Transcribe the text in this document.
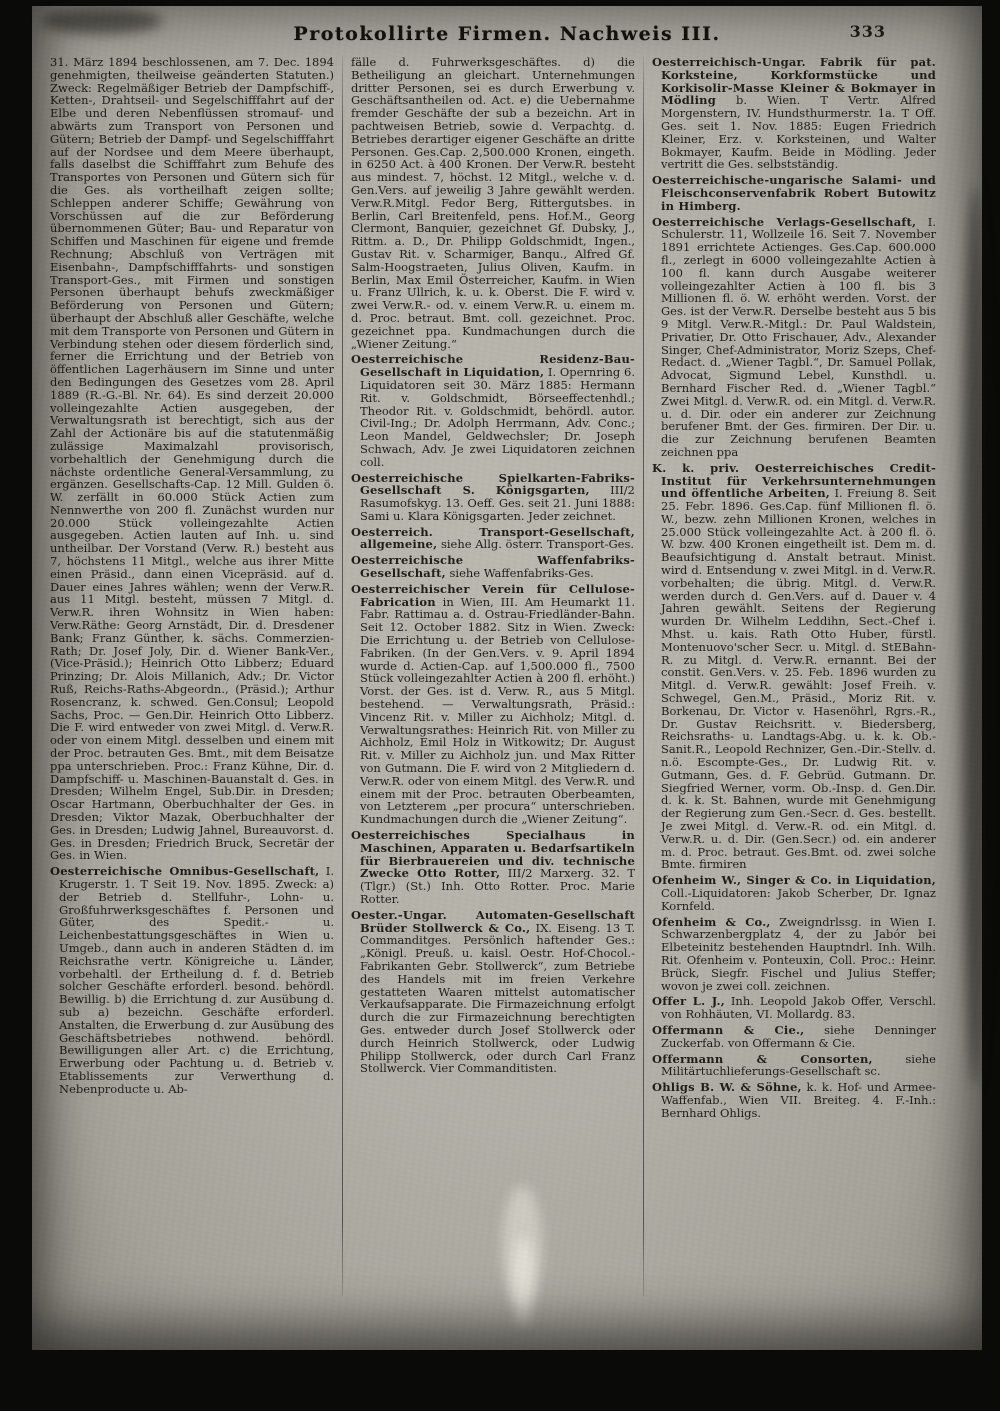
Protokollirte Firmen. Nachweis III.	333

31. März 1894 beschlossenen, am 7. Dec. 1894 genehmigten, theilweise geänderten Statuten.) Zweck: Regelmäßiger Betrieb der Dampfschiff-, Ketten-, Drahtseil- und Segelschifffahrt auf der Elbe und deren Nebenflüssen stromauf- und abwärts zum Transport von Personen und Gütern; Betrieb der Dampf- und Segelschifffahrt auf der Nordsee und dem Meere überhaupt, falls daselbst die Schifffahrt zum Behufe des Transportes von Personen und Gütern sich für die Ges. als vortheilhaft zeigen sollte; Schleppen anderer Schiffe; Gewährung von Vorschüssen auf die zur Beförderung übernommenen Güter; Bau- und Reparatur von Schiffen und Maschinen für eigene und fremde Rechnung; Abschluß von Verträgen mit Eisenbahn-, Dampfschifffahrts- und sonstigen Transport-Ges., mit Firmen und sonstigen Personen überhaupt behufs zweckmäßiger Beförderung von Personen und Gütern; überhaupt der Abschluß aller Geschäfte, welche mit dem Transporte von Personen und Gütern in Verbindung stehen oder diesem förderlich sind, ferner die Errichtung und der Betrieb von öffentlichen Lagerhäusern im Sinne und unter den Bedingungen des Gesetzes vom 28. April 1889 (R.-G.-Bl. Nr. 64). Es sind derzeit 20.000 volleingezahlte Actien ausgegeben, der Verwaltungsrath ist berechtigt, sich aus der Zahl der Actionäre bis auf die statutenmäßig zulässige Maximalzahl provisorisch, vorbehaltlich der Genehmigung durch die nächste ordentliche General-Versammlung, zu ergänzen. Gesellschafts-Cap. 12 Mill. Gulden ö. W. zerfällt in 60.000 Stück Actien zum Nennwerthe von 200 fl. Zunächst wurden nur 20.000 Stück volleingezahlte Actien ausgegeben. Actien lauten auf Inh. u. sind untheilbar. Der Vorstand (Verw. R.) besteht aus 7, höchstens 11 Mitgl., welche aus ihrer Mitte einen Präsid., dann einen Vicepräsid. auf d. Dauer eines Jahres wählen; wenn der Verw.R. aus 11 Mitgl. besteht, müssen 7 Mitgl. d. Verw.R. ihren Wohnsitz in Wien haben: Verw.Räthe: Georg Arnstädt, Dir. d. Dresdener Bank; Franz Günther, k. sächs. Commerzien-Rath; Dr. Josef Joly, Dir. d. Wiener Bank-Ver., (Vice-Präsid.); Heinrich Otto Libberz; Eduard Prinzing; Dr. Alois Millanich, Adv.; Dr. Victor Ruß, Reichs-Raths-Abgeordn., (Präsid.); Arthur Rosencranz, k. schwed. Gen.Consul; Leopold Sachs, Proc. — Gen.Dir. Heinrich Otto Libberz. Die F. wird entweder von zwei Mitgl. d. Verw.R. oder von einem Mitgl. desselben und einem mit der Proc. betrauten Ges. Bmt., mit dem Beisatze ppa unterschrieben. Proc.: Franz Kühne, Dir. d. Dampfschiff- u. Maschinen-Bauanstalt d. Ges. in Dresden; Wilhelm Engel, Sub.Dir. in Dresden; Oscar Hartmann, Oberbuchhalter der Ges. in Dresden; Viktor Mazak, Oberbuchhalter der Ges. in Dresden; Ludwig Jahnel, Bureauvorst. d. Ges. in Dresden; Friedrich Bruck, Secretär der Ges. in Wien.

Oesterreichische Omnibus-Gesellschaft, I. Krugerstr. 1. T Seit 19. Nov. 1895. Zweck: a) der Betrieb d. Stellfuhr-, Lohn- u. Großfuhrwerksgeschäftes f. Personen und Güter, des Spedit.- u. Leichenbestattungsgeschäftes in Wien u. Umgeb., dann auch in anderen Städten d. im Reichsrathe vertr. Königreiche u. Länder, vorbehaltl. der Ertheilung d. f. d. Betrieb solcher Geschäfte erforderl. besond. behördl. Bewillig. b) die Errichtung d. zur Ausübung d. sub a) bezeichn. Geschäfte erforderl. Anstalten, die Erwerbung d. zur Ausübung des Geschäftsbetriebes nothwend. behördl. Bewilligungen aller Art. c) die Errichtung, Erwerbung oder Pachtung u. d. Betrieb v. Etablissements zur Verwerthung d. Nebenproducte u. Ab-

fälle d. Fuhrwerksgeschäftes. d) die Betheiligung an gleichart. Unternehmungen dritter Personen, sei es durch Erwerbung v. Geschäftsantheilen od. Act. e) die Uebernahme fremder Geschäfte der sub a bezeichn. Art in pachtweisen Betrieb, sowie d. Verpachtg. d. Betriebes derartiger eigener Geschäfte an dritte Personen. Ges.Cap. 2,500.000 Kronen, eingeth. in 6250 Act. à 400 Kronen. Der Verw.R. besteht aus mindest. 7, höchst. 12 Mitgl., welche v. d. Gen.Vers. auf jeweilig 3 Jahre gewählt werden. Verw.R.Mitgl. Fedor Berg, Rittergutsbes. in Berlin, Carl Breitenfeld, pens. Hof.M., Georg Clermont, Banquier, gezeichnet Gf. Dubsky, J., Rittm. a. D., Dr. Philipp Goldschmidt, Ingen., Gustav Rit. v. Scharmiger, Banqu., Alfred Gf. Salm-Hoogstraeten, Julius Oliven, Kaufm. in Berlin, Max Emil Österreicher, Kaufm. in Wien u. Franz Ullrich, k. u. k. Oberst. Die F. wird v. zwei Verw.R.- od. v. einem Verw.R. u. einem m. d. Proc. betraut. Bmt. coll. gezeichnet. Proc. gezeichnet ppa. Kundmachungen durch die „Wiener Zeitung.“

Oesterreichische Residenz-Bau-Gesellschaft in Liquidation, I. Opernring 6. Liquidatoren seit 30. März 1885: Hermann Rit. v. Goldschmidt, Börseeffectenhdl.; Theodor Rit. v. Goldschmidt, behördl. autor. Civil-Ing.; Dr. Adolph Herrmann, Adv. Conc.; Leon Mandel, Geldwechsler; Dr. Joseph Schwach, Adv. Je zwei Liquidatoren zeichnen coll.

Oesterreichische Spielkarten-Fabriks-Gesellschaft S. Königsgarten, III/2 Rasumofskyg. 13. Oeff. Ges. seit 21. Juni 1888: Sami u. Klara Königsgarten. Jeder zeichnet.

Oesterreich. Transport-Gesellschaft, allgemeine, siehe Allg. österr. Transport-Ges.

Oesterreichische Waffenfabriks-Gesellschaft, siehe Waffenfabriks-Ges.

Oesterreichischer Verein für Cellulose-Fabrication in Wien, III. Am Heumarkt 11. Fabr. Rattimau a. d. Ostrau-Friedländer-Bahn. Seit 12. October 1882. Sitz in Wien. Zweck: Die Errichtung u. der Betrieb von Cellulose-Fabriken. (In der Gen.Vers. v. 9. April 1894 wurde d. Actien-Cap. auf 1,500.000 fl., 7500 Stück volleingezahlter Actien à 200 fl. erhöht.) Vorst. der Ges. ist d. Verw. R., aus 5 Mitgl. bestehend. — Verwaltungsrath, Präsid.: Vincenz Rit. v. Miller zu Aichholz; Mitgl. d. Verwaltungsrathes: Heinrich Rit. von Miller zu Aichholz, Emil Holz in Witkowitz; Dr. August Rit. v. Miller zu Aichholz jun. und Max Ritter von Gutmann. Die F. wird von 2 Mitgliedern d. Verw.R. oder von einem Mitgl. des Verw.R. und einem mit der Proc. betrauten Oberbeamten, von Letzterem „per procura“ unterschrieben. Kundmachungen durch die „Wiener Zeitung“.

Oesterreichisches Specialhaus in Maschinen, Apparaten u. Bedarfsartikeln für Bierbrauereien und div. technische Zwecke Otto Rotter, III/2 Marxerg. 32. T (Tlgr.) (St.) Inh. Otto Rotter. Proc. Marie Rotter.

Oester.-Ungar. Automaten-Gesellschaft Brüder Stollwerck & Co., IX. Eiseng. 13 T. Commanditges. Persönlich haftender Ges.: „Königl. Preuß. u. kaisl. Oestr. Hof-Chocol.-Fabrikanten Gebr. Stollwerck“, zum Betriebe des Handels mit im freien Verkehre gestatteten Waaren mittelst automatischer Verkaufsapparate. Die Firmazeichnung erfolgt durch die zur Firmazeichnung berechtigten Ges. entweder durch Josef Stollwerck oder durch Heinrich Stollwerck, oder Ludwig Philipp Stollwerck, oder durch Carl Franz Stollwerck. Vier Commanditisten.

Oesterreichisch-Ungar. Fabrik für pat. Korksteine, Korkformstücke und Korkisolir-Masse Kleiner & Bokmayer in Mödling b. Wien. T Vertr. Alfred Morgenstern, IV. Hundsthurmerstr. 1a. T Off. Ges. seit 1. Nov. 1885: Eugen Friedrich Kleiner, Erz. v. Korksteinen, und Walter Bokmayer, Kaufm. Beide in Mödling. Jeder vertritt die Ges. selbstständig.

Oesterreichische-ungarische Salami- und Fleischconservenfabrik Robert Butowitz in Himberg.

Oesterreichische Verlags-Gesellschaft, I. Schulerstr. 11, Wollzeile 16. Seit 7. November 1891 errichtete Actienges. Ges.Cap. 600.000 fl., zerlegt in 6000 volleingezahlte Actien à 100 fl. kann durch Ausgabe weiterer volleingezahlter Actien à 100 fl. bis 3 Millionen fl. ö. W. erhöht werden. Vorst. der Ges. ist der Verw.R. Derselbe besteht aus 5 bis 9 Mitgl. Verw.R.-Mitgl.: Dr. Paul Waldstein, Privatier, Dr. Otto Frischauer, Adv., Alexander Singer, Chef-Administrator, Moriz Szeps, Chef-Redact. d. „Wiener Tagbl.“, Dr. Samuel Pollak, Advocat, Sigmund Lebel, Kunsthdl. u. Bernhard Fischer Red. d. „Wiener Tagbl.“ Zwei Mitgl. d. Verw.R. od. ein Mitgl. d. Verw.R. u. d. Dir. oder ein anderer zur Zeichnung berufener Bmt. der Ges. firmiren. Der Dir. u. die zur Zeichnung berufenen Beamten zeichnen ppa

K. k. priv. Oesterreichisches Credit-Institut für Verkehrsunternehmungen und öffentliche Arbeiten, I. Freiung 8. Seit 25. Febr. 1896. Ges.Cap. fünf Millionen fl. ö. W., bezw. zehn Millionen Kronen, welches in 25.000 Stück volleingezahlte Act. à 200 fl. ö. W. bzw. 400 Kronen eingetheilt ist. Dem m. d. Beaufsichtigung d. Anstalt betraut. Minist. wird d. Entsendung v. zwei Mitgl. in d. Verw.R. vorbehalten; die übrig. Mitgl. d. Verw.R. werden durch d. Gen.Vers. auf d. Dauer v. 4 Jahren gewählt. Seitens der Regierung wurden Dr. Wilhelm Leddihn, Sect.-Chef i. Mhst. u. kais. Rath Otto Huber, fürstl. Montenuovo'scher Secr. u. Mitgl. d. StEBahn-R. zu Mitgl. d. Verw.R. ernannt. Bei der constit. Gen.Vers. v. 25. Feb. 1896 wurden zu Mitgl. d. Verw.R. gewählt: Josef Freih. v. Schwegel, Gen.M., Präsid., Moriz Rit. v. Borkenau, Dr. Victor v. Hasenöhrl, Rgrs.-R., Dr. Gustav Reichsritt. v. Biedersberg, Reichsraths- u. Landtags-Abg. u. k. k. Ob.-Sanit.R., Leopold Rechnizer, Gen.-Dir.-Stellv. d. n.ö. Escompte-Ges., Dr. Ludwig Rit. v. Gutmann, Ges. d. F. Gebrüd. Gutmann. Dr. Siegfried Werner, vorm. Ob.-Insp. d. Gen.Dir. d. k. k. St. Bahnen, wurde mit Genehmigung der Regierung zum Gen.-Secr. d. Ges. bestellt. Je zwei Mitgl. d. Verw.-R. od. ein Mitgl. d. Verw.R. u. d. Dir. (Gen.Secr.) od. ein anderer m. d. Proc. betraut. Ges.Bmt. od. zwei solche Bmte. firmiren

Ofenheim W., Singer & Co. in Liquidation, Coll.-Liquidatoren: Jakob Scherber, Dr. Ignaz Kornfeld.

Ofenheim & Co., Zweigndrlssg. in Wien I. Schwarzenbergplatz 4, der zu Jabór bei Elbeteinitz bestehenden Hauptndrl. Inh. Wilh. Rit. Ofenheim v. Ponteuxin, Coll. Proc.: Heinr. Brück, Siegfr. Fischel und Julius Steffer; wovon je zwei coll. zeichnen.

Offer L. J., Inh. Leopold Jakob Offer, Verschl. von Rohhäuten, VI. Mollardg. 83.

Offermann & Cie., siehe Denninger Zuckerfab. von Offermann & Cie.

Offermann & Consorten,	siehe Militärtuchlieferungs-Gesellschaft sc.

Ohligs B. W. & Söhne, k. k. Hof- und Armee-Waffenfab., Wien VII. Breiteg. 4. F.-Inh.: Bernhard Ohligs.
